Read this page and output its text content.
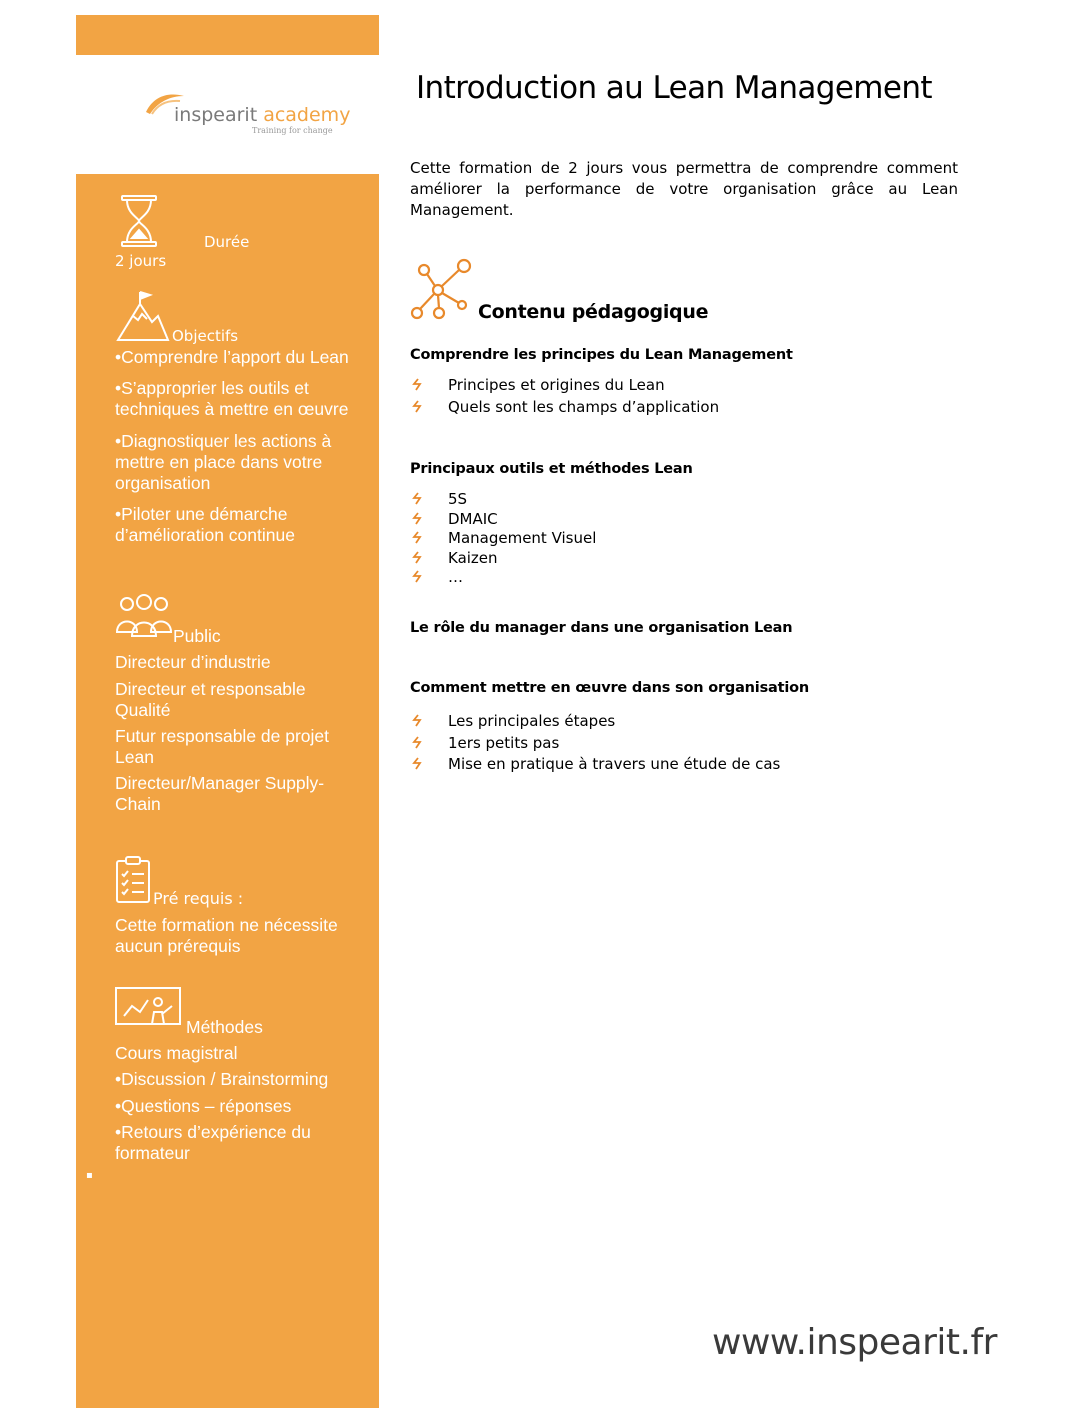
inspearit academy
Training for change
Durée
2 jours
Objectifs
•Comprendre l’apport du Lean
•S’approprier les outils et techniques à mettre en œuvre
•Diagnostiquer les actions à mettre en place dans votre organisation
•Piloter une démarche d’amélioration continue
Public
Directeur d’industrie
Directeur et responsable Qualité
Futur responsable de projet Lean
Directeur/Manager Supply-Chain
Pré requis :
Cette formation ne nécessite aucun prérequis
Méthodes
Cours magistral
•Discussion / Brainstorming
•Questions – réponses
•Retours d’expérience du formateur
▪
Introduction au Lean Management
Cette formation de 2 jours vous permettra de comprendre comment améliorer la performance de votre organisation grâce au Lean Management.
Contenu pédagogique
Comprendre les principes du Lean Management
Principes et origines du Lean
Quels sont les champs d’application
Principaux outils et méthodes Lean
5S
DMAIC
Management Visuel
Kaizen
…
Le rôle du manager dans une organisation Lean
Comment mettre en œuvre dans son organisation
Les principales étapes
1ers petits pas
Mise en pratique à travers une étude de cas
www.inspearit.fr
